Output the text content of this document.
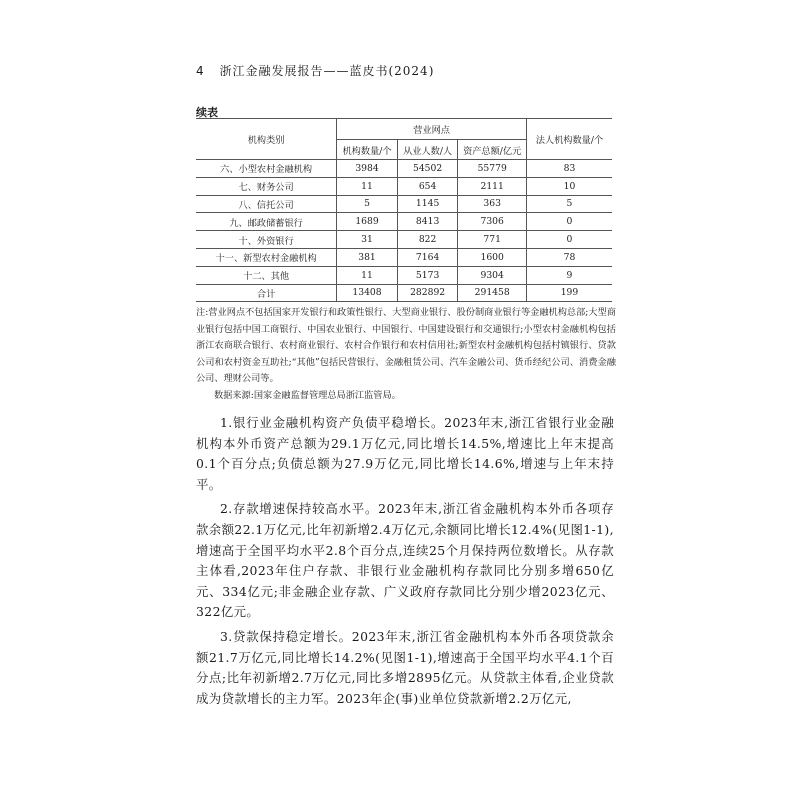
4 浙江金融发展报告——蓝皮书(2024)
续表
机构类别	营业网点			法人机构数量/个
	机构数量/个	从业人数/人	资产总额/亿元	
六、小型农村金融机构	3984	54502	55779	83
七、财务公司	11	654	2111	10
八、信托公司	5	1145	363	5
九、邮政储蓄银行	1689	8413	7306	0
十、外资银行	31	822	771	0
十一、新型农村金融机构	381	7164	1600	78
十二、其他	11	5173	9304	9
合计	13408	282892	291458	199

注:营业网点不包括国家开发银行和政策性银行、大型商业银行、股份制商业银行等金融机构总部;大型商业银行包括中国工商银行、中国农业银行、中国银行、中国建设银行和交通银行;小型农村金融机构包括浙江农商联合银行、农村商业银行、农村合作银行和农村信用社;新型农村金融机构包括村镇银行、贷款公司和农村资金互助社;“其他”包括民营银行、金融租赁公司、汽车金融公司、货币经纪公司、消费金融公司、理财公司等。

数据来源:国家金融监督管理总局浙江监管局。

1.银行业金融机构资产负债平稳增长。2023年末,浙江省银行业金融机构本外币资产总额为29.1万亿元,同比增长14.5%,增速比上年末提高0.1个百分点;负债总额为27.9万亿元,同比增长14.6%,增速与上年末持平。

2.存款增速保持较高水平。2023年末,浙江省金融机构本外币各项存款余额22.1万亿元,比年初新增2.4万亿元,余额同比增长12.4%(见图1-1),增速高于全国平均水平2.8个百分点,连续25个月保持两位数增长。从存款主体看,2023年住户存款、非银行业金融机构存款同比分别多增650亿元、334亿元;非金融企业存款、广义政府存款同比分别少增2023亿元、322亿元。

3.贷款保持稳定增长。2023年末,浙江省金融机构本外币各项贷款余额21.7万亿元,同比增长14.2%(见图1-1),增速高于全国平均水平4.1个百分点;比年初新增2.7万亿元,同比多增2895亿元。从贷款主体看,企业贷款成为贷款增长的主力军。2023年企(事)业单位贷款新增2.2万亿元,
